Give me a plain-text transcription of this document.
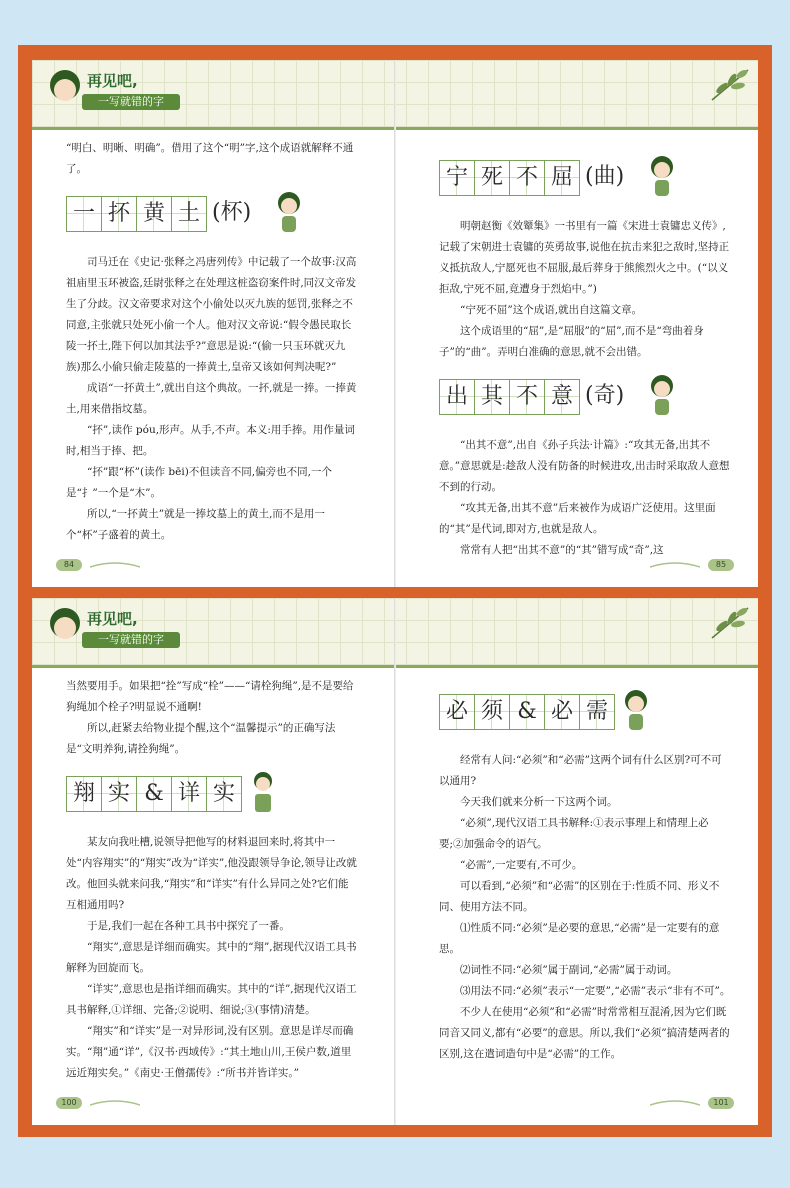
再见吧,
一写就错的字

“明白、明晰、明确”。借用了这个“明”字,这个成语就解释不通了。

一 抔 黄 土 (杯)

司马迁在《史记·张释之冯唐列传》中记载了一个故事:汉高祖庙里玉环被盗,廷尉张释之在处理这桩盗窃案件时,同汉文帝发生了分歧。汉文帝要求对这个小偷处以灭九族的惩罚,张释之不同意,主张就只处死小偷一个人。他对汉文帝说:“假令愚民取长陵一抔土,陛下何以加其法乎?”意思是说:“(偷一只玉环就灭九族)那么小偷只偷走陵墓的一捧黄土,皇帝又该如何判决呢?”

成语“一抔黄土”,就出自这个典故。一抔,就是一捧。一捧黄土,用来借指坟墓。

“抔”,读作 póu,形声。从手,不声。本义:用手捧。用作量词时,相当于捧、把。

“抔”跟“杯”(读作 bēi)不但读音不同,偏旁也不同,一个是“扌”一个是“木”。

所以,“一抔黄土”就是一捧坟墓上的黄土,而不是用一个“杯”子盛着的黄土。

宁 死 不 屈 (曲)

明朝赵衡《效颦集》一书里有一篇《宋进士袁镛忠义传》,记载了宋朝进士袁镛的英勇故事,说他在抗击来犯之敌时,坚持正义抵抗敌人,宁愿死也不屈服,最后葬身于熊熊烈火之中。(“以义拒敌,宁死不屈,竟遭身于烈焰中。”)

“宁死不屈”这个成语,就出自这篇文章。

这个成语里的“屈”,是“屈服”的“屈”,而不是“弯曲着身子”的“曲”。弄明白准确的意思,就不会出错。

出 其 不 意 (奇)

“出其不意”,出自《孙子兵法·计篇》:“攻其无备,出其不意。”意思就是:趁敌人没有防备的时候进攻,出击时采取敌人意想不到的行动。

“攻其无备,出其不意”后来被作为成语广泛使用。这里面的“其”是代词,即对方,也就是敌人。

常常有人把“出其不意”的“其”错写成“奇”,这

84	85
再见吧,
一写就错的字

当然要用手。如果把“拴”写成“栓”——“请栓狗绳”,是不是要给狗绳加个栓子?明显说不通啊!

所以,赶紧去给物业提个醒,这个“温馨提示”的正确写法是“文明养狗,请拴狗绳”。

翔 实 & 详 实

某友向我吐槽,说领导把他写的材料退回来时,将其中一处“内容翔实”的“翔实”改为“详实”,他没跟领导争论,领导让改就改。他回头就来问我,“翔实”和“详实”有什么异同之处?它们能互相通用吗?

于是,我们一起在各种工具书中探究了一番。

“翔实”,意思是详细而确实。其中的“翔”,据现代汉语工具书解释为回旋而飞。

“详实”,意思也是指详细而确实。其中的“详”,据现代汉语工具书解释,①详细、完备;②说明、细说;③(事情)清楚。

“翔实”和“详实”是一对异形词,没有区别。意思是详尽而确实。“翔”通“详”,《汉书·西域传》:“其土地山川,王侯户数,道里远近翔实矣。”《南史·王僧孺传》:“所书并皆详实。”

必 须 & 必 需

经常有人问:“必须”和“必需”这两个词有什么区别?可不可以通用?

今天我们就来分析一下这两个词。

“必须”,现代汉语工具书解释:①表示事理上和情理上必要;②加强命令的语气。

“必需”,一定要有,不可少。

可以看到,“必须”和“必需”的区别在于:性质不同、形义不同、使用方法不同。

⑴性质不同:“必须”是必要的意思,“必需”是一定要有的意思。

⑵词性不同:“必须”属于副词,“必需”属于动词。

⑶用法不同:“必须”表示“一定要”,“必需”表示“非有不可”。

不少人在使用“必须”和“必需”时常常相互混淆,因为它们既同音又同义,都有“必要”的意思。所以,我们“必须”搞清楚两者的区别,这在遣词造句中是“必需”的工作。

100	101
